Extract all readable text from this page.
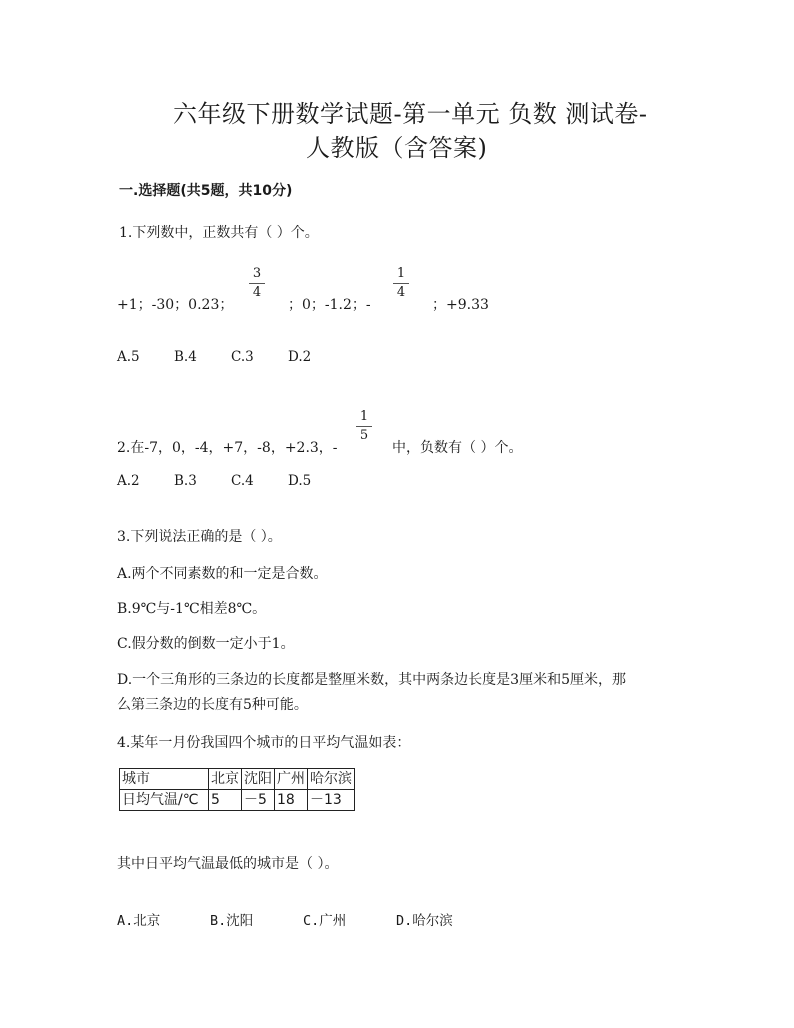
六年级下册数学试题-第一单元 负数 测试卷-
人教版（含答案)
一.选择题(共5题，共10分)
1.下列数中，正数共有（ ）个。
+1；-30；0.23；
3
4
；0；-1.2；-
1
4
；+9.33
A.5	B.4	C.3	D.2
2.在-7，0，-4，+7，-8，+2.3，-
1
5
中，负数有（ ）个。
A.2	B.3	C.4	D.5
3.下列说法正确的是（ ）。
A.两个不同素数的和一定是合数。
B.9℃与-1℃相差8℃。
C.假分数的倒数一定小于1。
D.一个三角形的三条边的长度都是整厘米数，其中两条边长度是3厘米和5厘米，那
么第三条边的长度有5种可能。
4.某年一月份我国四个城市的日平均气温如表：
城市	北京	沈阳	广州	哈尔滨
日均气温/℃	5	－5	18	－13
其中日平均气温最低的城市是（ ）。
A.北京	B.沈阳	C.广州	D.哈尔滨
